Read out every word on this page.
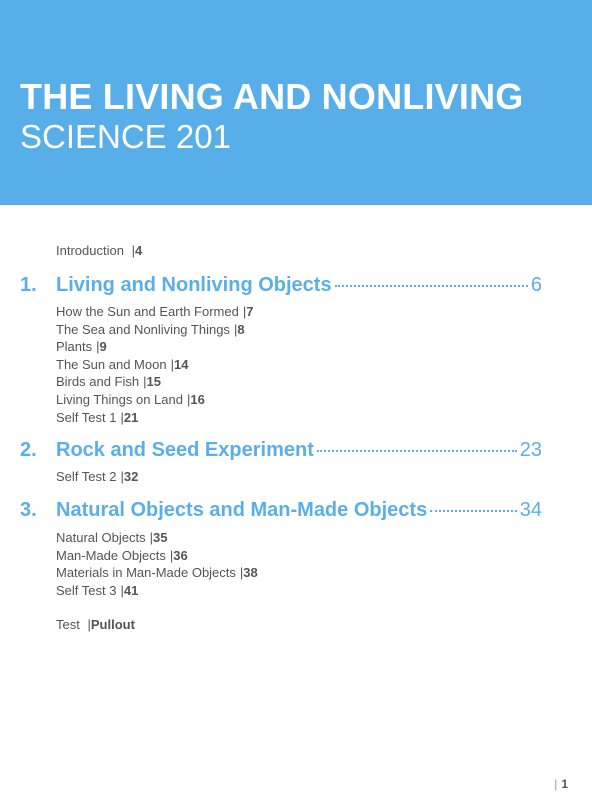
THE LIVING AND NONLIVING
SCIENCE 201
Introduction | 4
1. Living and Nonliving Objects	6
How the Sun and Earth Formed | 7
The Sea and Nonliving Things | 8
Plants | 9
The Sun and Moon | 14
Birds and Fish | 15
Living Things on Land | 16
Self Test 1 | 21
2. Rock and Seed Experiment	23
Self Test 2 | 32
3. Natural Objects and Man-Made Objects	34
Natural Objects | 35
Man-Made Objects | 36
Materials in Man-Made Objects | 38
Self Test 3 | 41
Test | Pullout
| 1
